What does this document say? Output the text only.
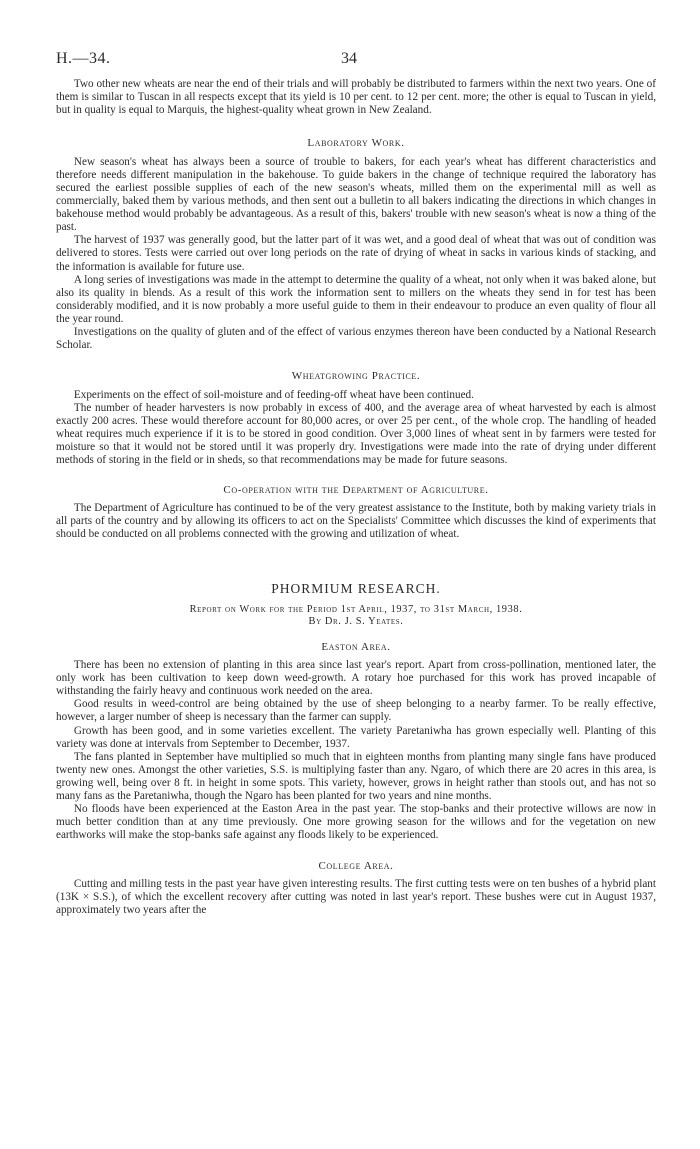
H.—34.	34

Two other new wheats are near the end of their trials and will probably be distributed to farmers within the next two years. One of them is similar to Tuscan in all respects except that its yield is 10 per cent. to 12 per cent. more; the other is equal to Tuscan in yield, but in quality is equal to Marquis, the highest-quality wheat grown in New Zealand.

Laboratory Work.

New season's wheat has always been a source of trouble to bakers, for each year's wheat has different characteristics and therefore needs different manipulation in the bakehouse. To guide bakers in the change of technique required the laboratory has secured the earliest possible supplies of each of the new season's wheats, milled them on the experimental mill as well as commercially, baked them by various methods, and then sent out a bulletin to all bakers indicating the directions in which changes in bakehouse method would probably be advantageous. As a result of this, bakers' trouble with new season's wheat is now a thing of the past.

The harvest of 1937 was generally good, but the latter part of it was wet, and a good deal of wheat that was out of condition was delivered to stores. Tests were carried out over long periods on the rate of drying of wheat in sacks in various kinds of stacking, and the information is available for future use.

A long series of investigations was made in the attempt to determine the quality of a wheat, not only when it was baked alone, but also its quality in blends. As a result of this work the information sent to millers on the wheats they send in for test has been considerably modified, and it is now probably a more useful guide to them in their endeavour to produce an even quality of flour all the year round.

Investigations on the quality of gluten and of the effect of various enzymes thereon have been conducted by a National Research Scholar.

Wheatgrowing Practice.

Experiments on the effect of soil-moisture and of feeding-off wheat have been continued.

The number of header harvesters is now probably in excess of 400, and the average area of wheat harvested by each is almost exactly 200 acres. These would therefore account for 80,000 acres, or over 25 per cent., of the whole crop. The handling of headed wheat requires much experience if it is to be stored in good condition. Over 3,000 lines of wheat sent in by farmers were tested for moisture so that it would not be stored until it was properly dry. Investigations were made into the rate of drying under different methods of storing in the field or in sheds, so that recommendations may be made for future seasons.

Co-operation with the Department of Agriculture.

The Department of Agriculture has continued to be of the very greatest assistance to the Institute, both by making variety trials in all parts of the country and by allowing its officers to act on the Specialists' Committee which discusses the kind of experiments that should be conducted on all problems connected with the growing and utilization of wheat.

PHORMIUM RESEARCH.
Report on Work for the Period 1st April, 1937, to 31st March, 1938.
By Dr. J. S. Yeates.
Easton Area.

There has been no extension of planting in this area since last year's report. Apart from cross-pollination, mentioned later, the only work has been cultivation to keep down weed-growth. A rotary hoe purchased for this work has proved incapable of withstanding the fairly heavy and continuous work needed on the area.

Good results in weed-control are being obtained by the use of sheep belonging to a nearby farmer. To be really effective, however, a larger number of sheep is necessary than the farmer can supply.

Growth has been good, and in some varieties excellent. The variety Paretaniwha has grown especially well. Planting of this variety was done at intervals from September to December, 1937.

The fans planted in September have multiplied so much that in eighteen months from planting many single fans have produced twenty new ones. Amongst the other varieties, S.S. is multiplying faster than any. Ngaro, of which there are 20 acres in this area, is growing well, being over 8 ft. in height in some spots. This variety, however, grows in height rather than stools out, and has not so many fans as the Paretaniwha, though the Ngaro has been planted for two years and nine months.

No floods have been experienced at the Easton Area in the past year. The stop-banks and their protective willows are now in much better condition than at any time previously. One more growing season for the willows and for the vegetation on new earthworks will make the stop-banks safe against any floods likely to be experienced.

College Area.

Cutting and milling tests in the past year have given interesting results. The first cutting tests were on ten bushes of a hybrid plant (13K × S.S.), of which the excellent recovery after cutting was noted in last year's report. These bushes were cut in August 1937, approximately two years after the
